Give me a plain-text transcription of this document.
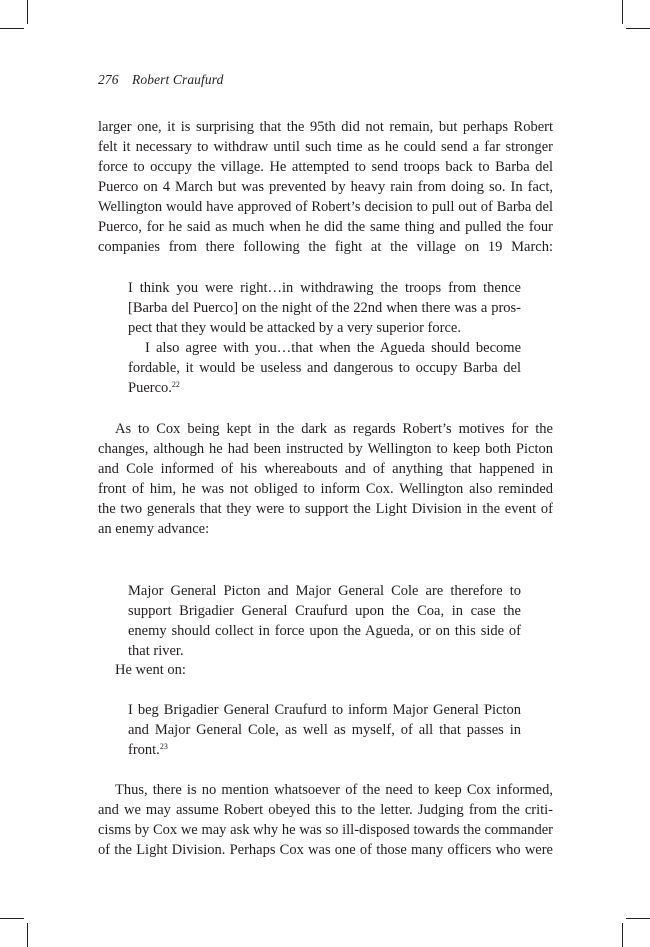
276 Robert Craufurd
larger one, it is surprising that the 95th did not remain, but perhaps Robert
felt it necessary to withdraw until such time as he could send a far stronger
force to occupy the village. He attempted to send troops back to Barba del
Puerco on 4 March but was prevented by heavy rain from doing so. In fact,
Wellington would have approved of Robert’s decision to pull out of Barba del
Puerco, for he said as much when he did the same thing and pulled the four
companies from there following the fight at the village on 19 March:
I think you were right…in withdrawing the troops from thence
[Barba del Puerco] on the night of the 22nd when there was a pros-
pect that they would be attacked by a very superior force.
I also agree with you…that when the Agueda should become
fordable, it would be useless and dangerous to occupy Barba del
Puerco.$^{22}$
As to Cox being kept in the dark as regards Robert’s motives for the
changes, although he had been instructed by Wellington to keep both Picton
and Cole informed of his whereabouts and of anything that happened in
front of him, he was not obliged to inform Cox. Wellington also reminded
the two generals that they were to support the Light Division in the event of
an enemy advance:
Major General Picton and Major General Cole are therefore to
support Brigadier General Craufurd upon the Coa, in case the
enemy should collect in force upon the Agueda, or on this side of
that river.
He went on:
I beg Brigadier General Craufurd to inform Major General Picton
and Major General Cole, as well as myself, of all that passes in
front.$^{23}$
Thus, there is no mention whatsoever of the need to keep Cox informed,
and we may assume Robert obeyed this to the letter. Judging from the criti-
cisms by Cox we may ask why he was so ill-disposed towards the commander
of the Light Division. Perhaps Cox was one of those many officers who were
